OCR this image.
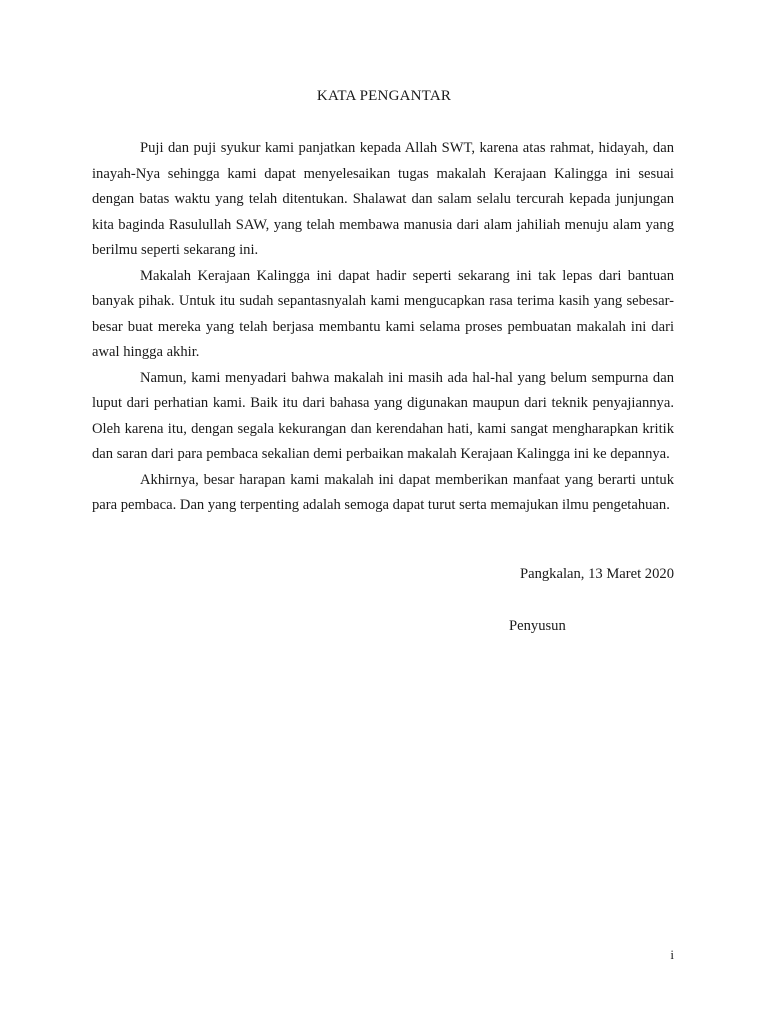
KATA PENGANTAR

Puji dan puji syukur kami panjatkan kepada Allah SWT, karena atas rahmat, hidayah, dan inayah-Nya sehingga kami dapat menyelesaikan tugas makalah Kerajaan Kalingga ini sesuai dengan batas waktu yang telah ditentukan. Shalawat dan salam selalu tercurah kepada junjungan kita baginda Rasulullah SAW, yang telah membawa manusia dari alam jahiliah menuju alam yang berilmu seperti sekarang ini.

Makalah Kerajaan Kalingga ini dapat hadir seperti sekarang ini tak lepas dari bantuan banyak pihak. Untuk itu sudah sepantasnyalah kami mengucapkan rasa terima kasih yang sebesar-besar buat mereka yang telah berjasa membantu kami selama proses pembuatan makalah ini dari awal hingga akhir.

Namun, kami menyadari bahwa makalah ini masih ada hal-hal yang belum sempurna dan luput dari perhatian kami. Baik itu dari bahasa yang digunakan maupun dari teknik penyajiannya. Oleh karena itu, dengan segala kekurangan dan kerendahan hati, kami sangat mengharapkan kritik dan saran dari para pembaca sekalian demi perbaikan makalah Kerajaan Kalingga ini ke depannya.

Akhirnya, besar harapan kami makalah ini dapat memberikan manfaat yang berarti untuk para pembaca. Dan yang terpenting adalah semoga dapat turut serta memajukan ilmu pengetahuan.

Pangkalan, 13 Maret 2020
Penyusun
i
